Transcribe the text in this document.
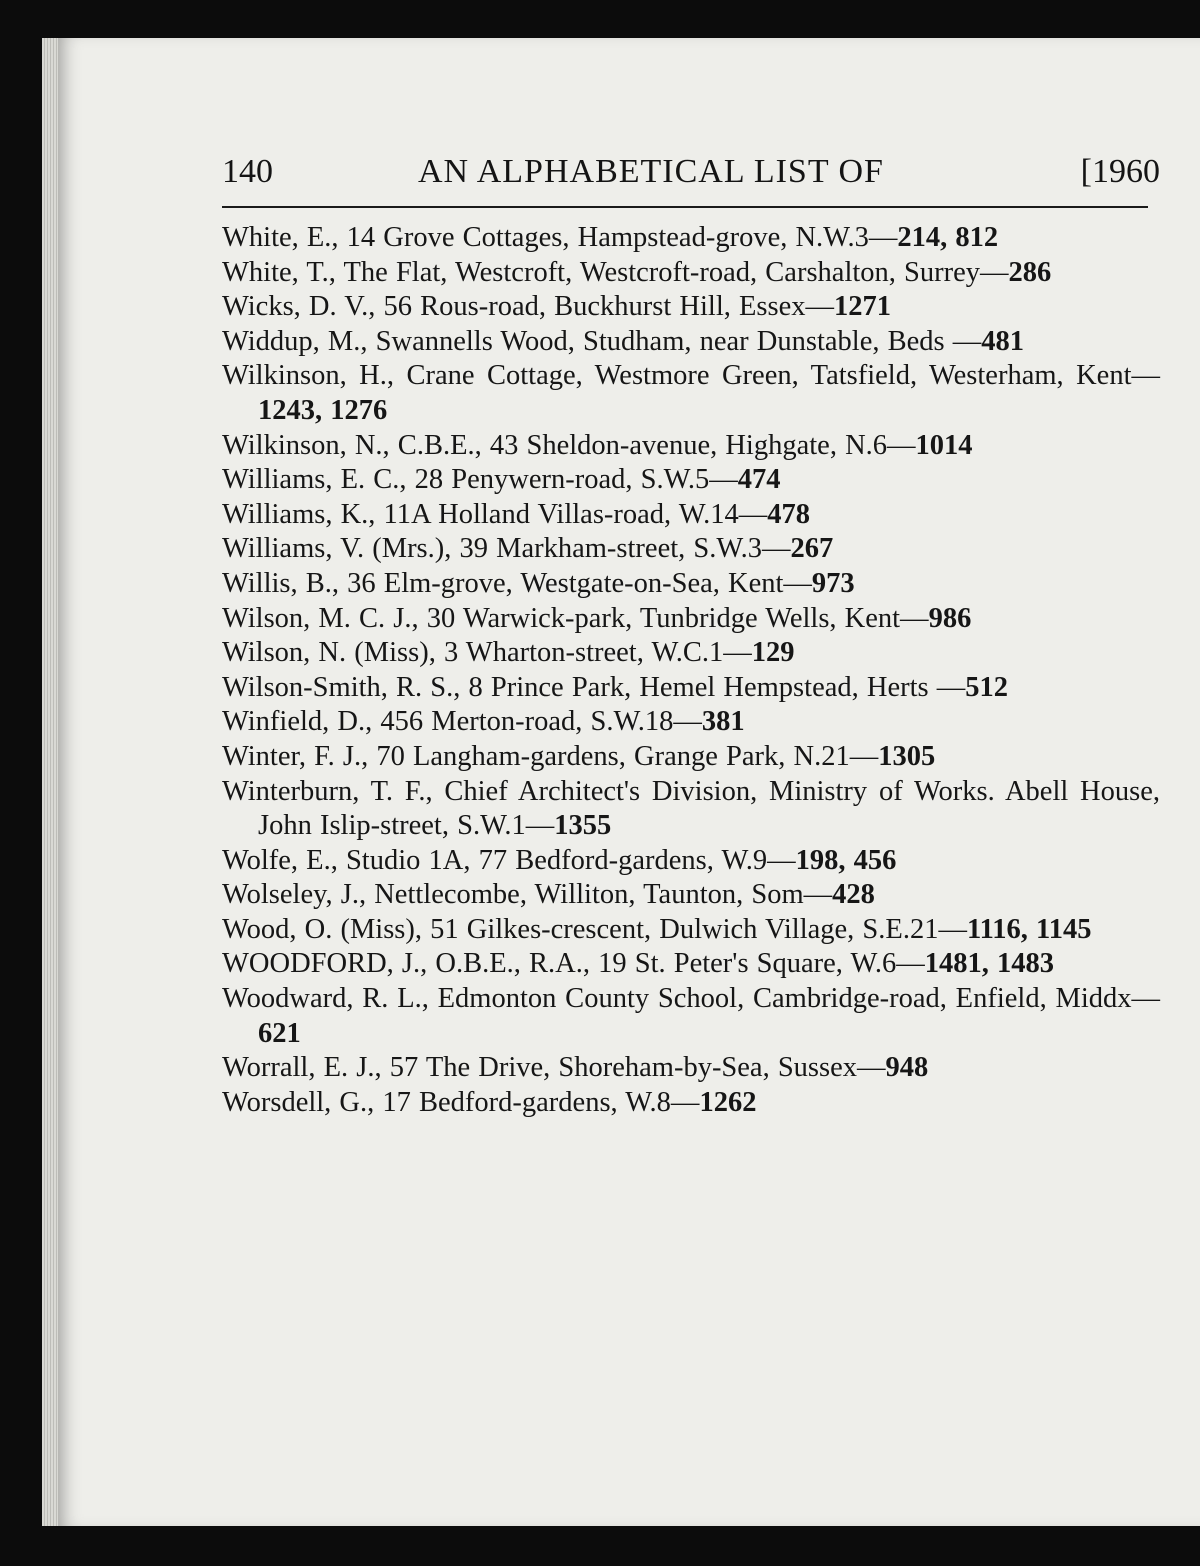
140	AN ALPHABETICAL LIST OF	[1960
White, E., 14 Grove Cottages, Hampstead-grove, N.W.3—214, 812
White, T., The Flat, Westcroft, Westcroft-road, Carshalton, Surrey—286
Wicks, D. V., 56 Rous-road, Buckhurst Hill, Essex—1271
Widdup, M., Swannells Wood, Studham, near Dunstable, Beds —481
Wilkinson, H., Crane Cottage, Westmore Green, Tatsfield, Westerham, Kent—1243, 1276
Wilkinson, N., C.B.E., 43 Sheldon-avenue, Highgate, N.6—1014
Williams, E. C., 28 Penywern-road, S.W.5—474
Williams, K., 11A Holland Villas-road, W.14—478
Williams, V. (Mrs.), 39 Markham-street, S.W.3—267
Willis, B., 36 Elm-grove, Westgate-on-Sea, Kent—973
Wilson, M. C. J., 30 Warwick-park, Tunbridge Wells, Kent—986
Wilson, N. (Miss), 3 Wharton-street, W.C.1—129
Wilson-Smith, R. S., 8 Prince Park, Hemel Hempstead, Herts —512
Winfield, D., 456 Merton-road, S.W.18—381
Winter, F. J., 70 Langham-gardens, Grange Park, N.21—1305
Winterburn, T. F., Chief Architect's Division, Ministry of Works. Abell House, John Islip-street, S.W.1—1355
Wolfe, E., Studio 1A, 77 Bedford-gardens, W.9—198, 456
Wolseley, J., Nettlecombe, Williton, Taunton, Som—428
Wood, O. (Miss), 51 Gilkes-crescent, Dulwich Village, S.E.21—1116, 1145
WOODFORD, J., O.B.E., R.A., 19 St. Peter's Square, W.6—1481, 1483
Woodward, R. L., Edmonton County School, Cambridge-road, Enfield, Middx—621
Worrall, E. J., 57 The Drive, Shoreham-by-Sea, Sussex—948
Worsdell, G., 17 Bedford-gardens, W.8—1262
